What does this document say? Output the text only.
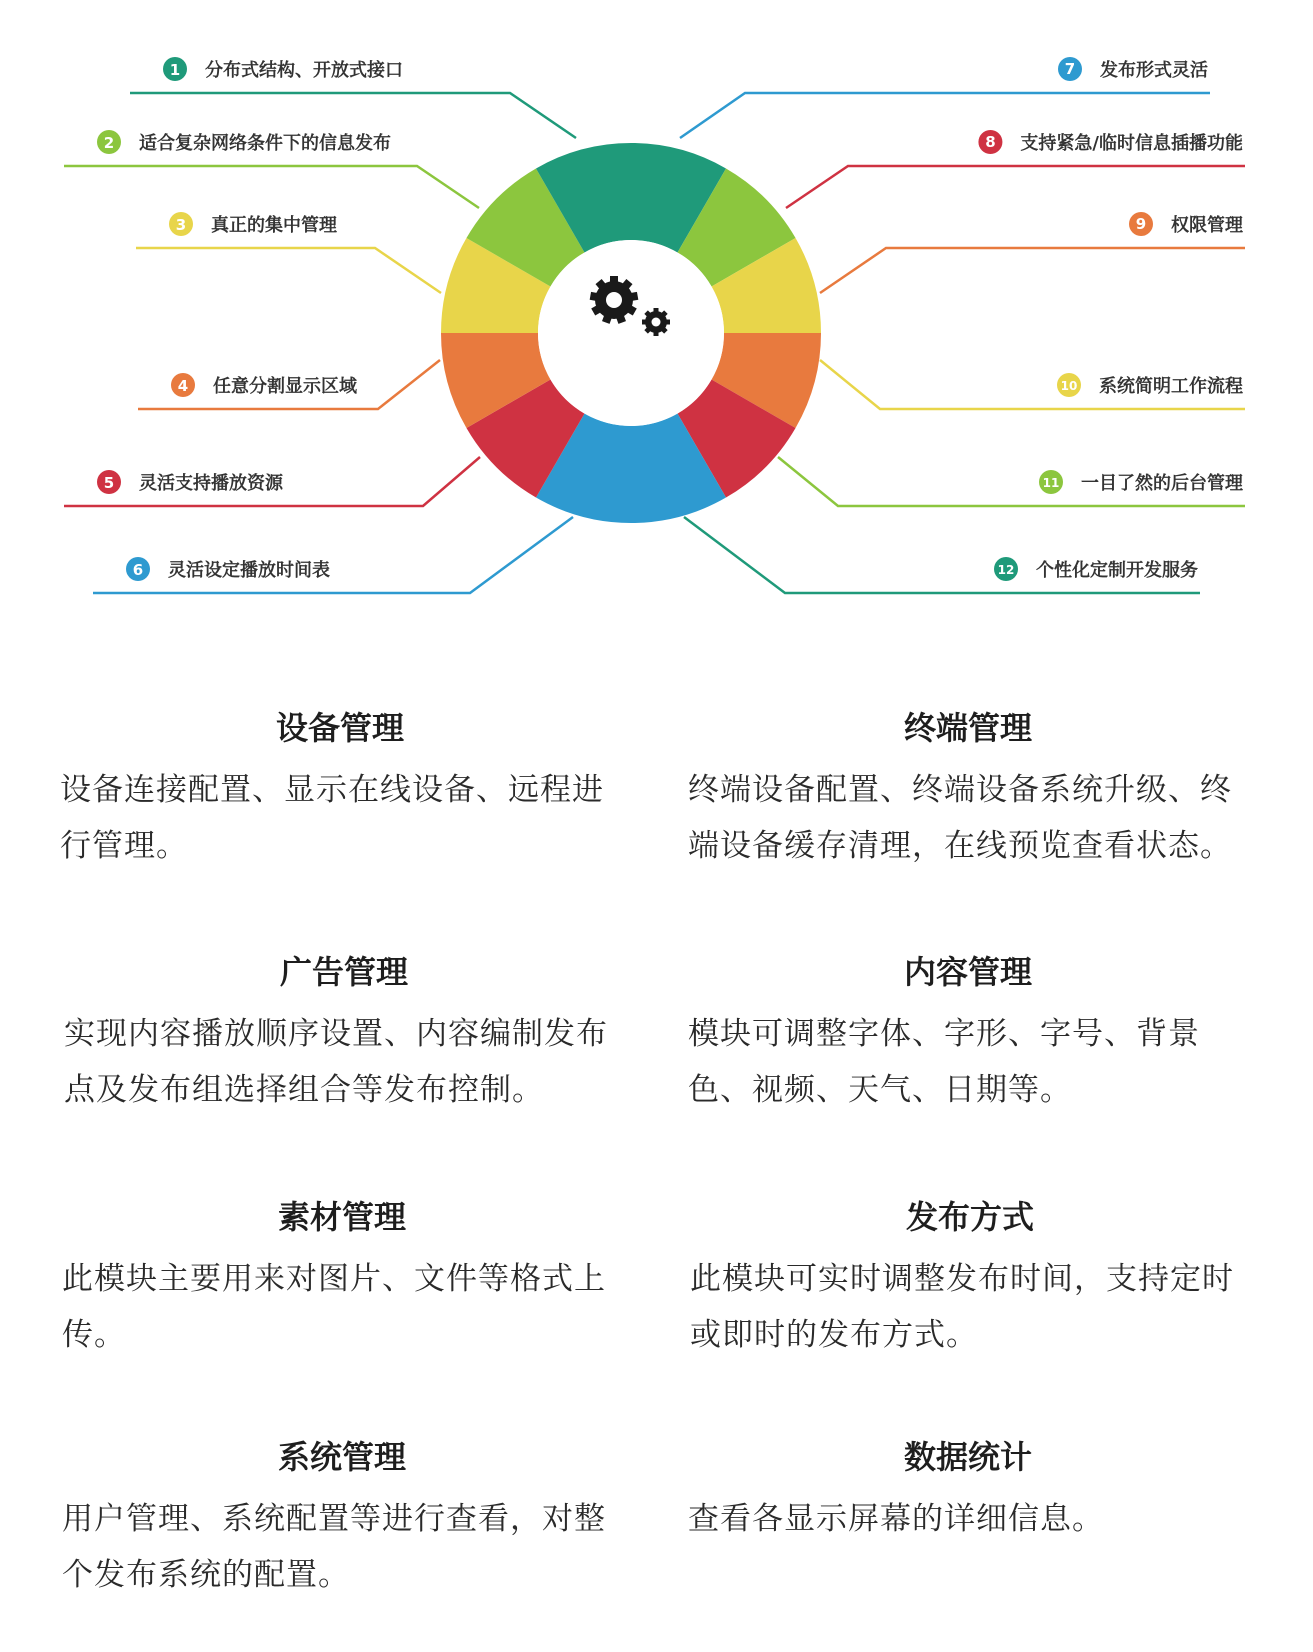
1 分布式结构、开放式接口
2 适合复杂网络条件下的信息发布
3 真正的集中管理
4 任意分割显示区域
5 灵活支持播放资源
6 灵活设定播放时间表
发布形式灵活
7
支持紧急/临时信息插播功能
8
权限管理
9
系统简明工作流程
10
一目了然的后台管理
11
个性化定制开发服务
12
设备管理
设备连接配置、显示在线设备、远程进行管理。
终端管理
终端设备配置、终端设备系统升级、终端设备缓存清理，在线预览查看状态。
广告管理
实现内容播放顺序设置、内容编制发布点及发布组选择组合等发布控制。
内容管理
模块可调整字体、字形、字号、背景色、视频、天气、日期等。
素材管理
此模块主要用来对图片、文件等格式上传。
发布方式
此模块可实时调整发布时间，支持定时或即时的发布方式。
系统管理
用户管理、系统配置等进行查看，对整个发布系统的配置。
数据统计
查看各显示屏幕的详细信息。
